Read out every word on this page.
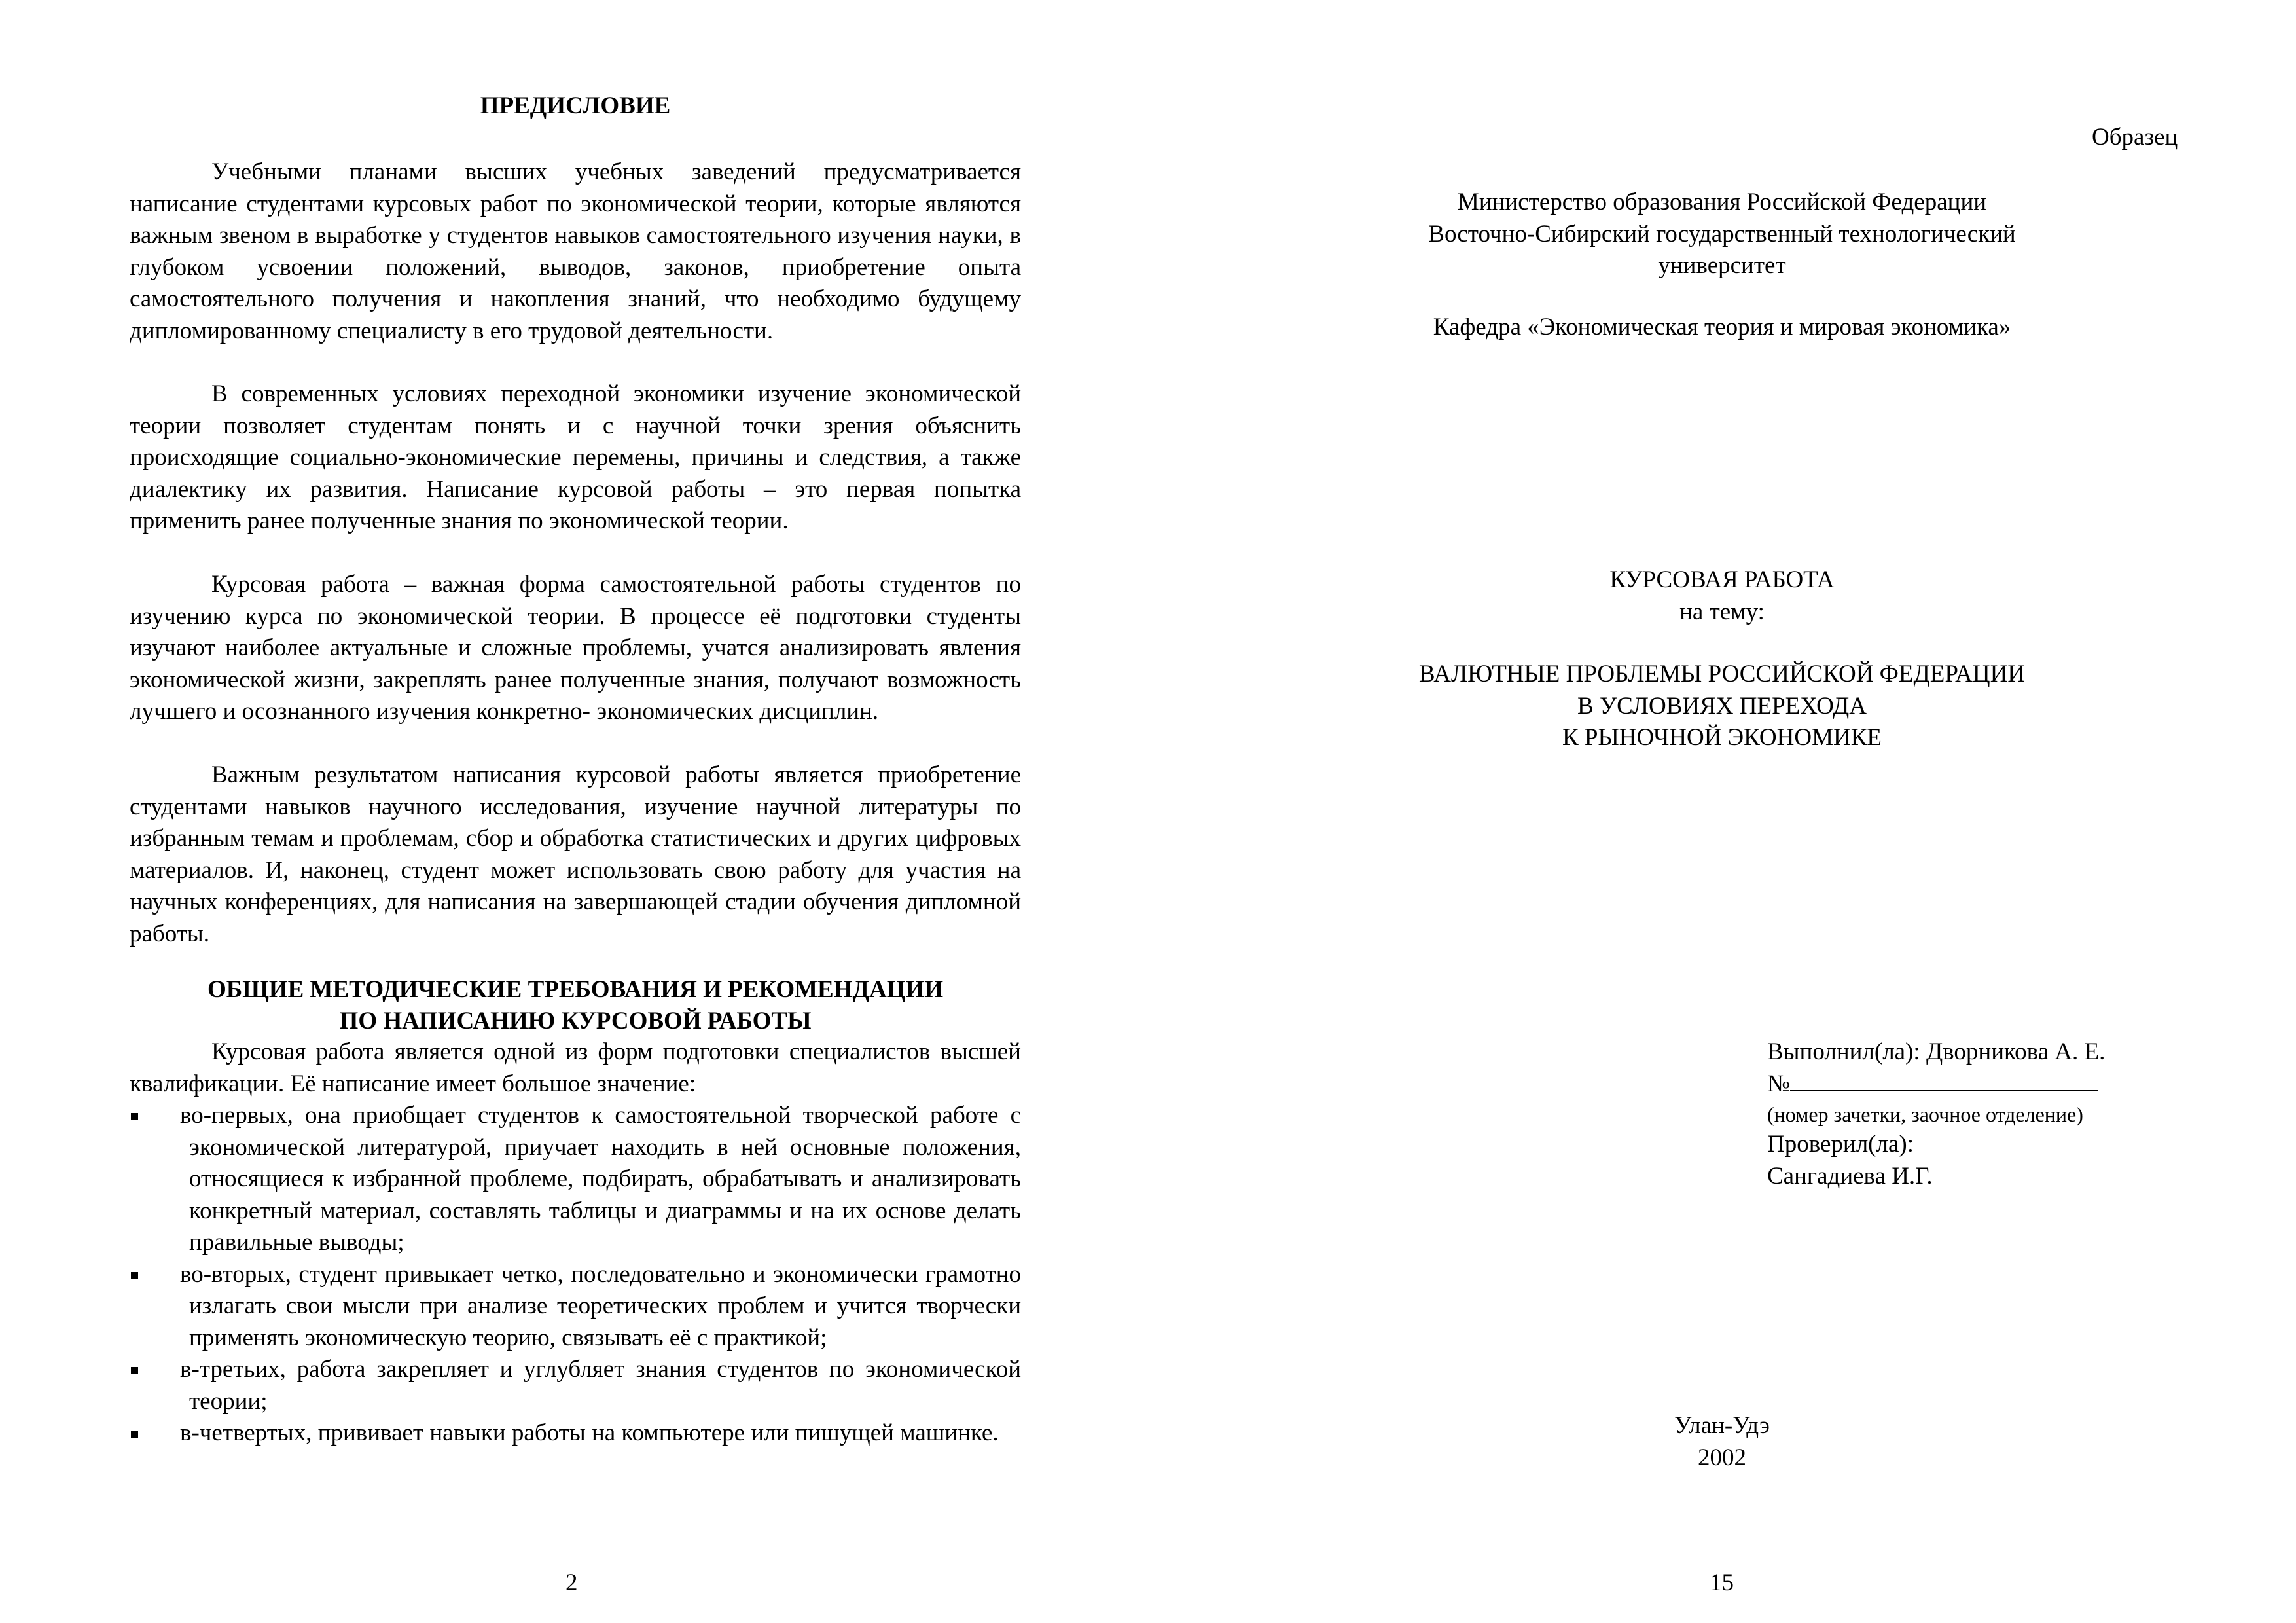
ПРЕДИСЛОВИЕ

Учебными планами высших учебных заведений предусматривается написание студентами курсовых работ по экономической теории, которые являются важным звеном в выработке у студентов навыков самостоятельного изучения науки, в глубоком усвоении положений, выводов, законов, приобретение опыта самостоятельного получения и накопления знаний, что необходимо будущему дипломированному специалисту в его трудовой деятельности.

В современных условиях переходной экономики изучение экономической теории позволяет студентам понять и с научной точки зрения объяснить происходящие социально-экономические перемены, причины и следствия, а также диалектику их развития. Написание курсовой работы – это первая попытка применить ранее полученные знания по экономической теории.

Курсовая работа – важная форма самостоятельной работы студентов по изучению курса по экономической теории. В процессе её подготовки студенты изучают наиболее актуальные и сложные проблемы, учатся анализировать явления экономической жизни, закреплять ранее полученные знания, получают возможность лучшего и осознанного изучения конкретно- экономических дисциплин.

Важным результатом написания курсовой работы является приобретение студентами навыков научного исследования, изучение научной литературы по избранным темам и проблемам, сбор и обработка статистических и других цифровых материалов. И, наконец, студент может использовать свою работу для участия на научных конференциях, для написания на завершающей стадии обучения дипломной работы.

ОБЩИЕ МЕТОДИЧЕСКИЕ ТРЕБОВАНИЯ И РЕКОМЕНДАЦИИ
ПО НАПИСАНИЮ КУРСОВОЙ РАБОТЫ

Курсовая работа является одной из форм подготовки специалистов высшей квалификации. Её написание имеет большое значение:

во-первых, она приобщает студентов к самостоятельной творческой работе с экономической литературой, приучает находить в ней основные положения, относящиеся к избранной проблеме, подбирать, обрабатывать и анализировать конкретный материал, составлять таблицы и диаграммы и на их основе делать правильные выводы;
во-вторых, студент привыкает четко, последовательно и экономически грамотно излагать свои мысли при анализе теоретических проблем и учится творчески применять экономическую теорию, связывать её с практикой;
в-третьих, работа закрепляет и углубляет знания студентов по экономической теории;
в-четвертых, прививает навыки работы на компьютере или пишущей машинке.
2
Образец
Министерство образования Российской Федерации
Восточно-Сибирский государственный технологический
университет
Кафедра «Экономическая теория и мировая экономика»
КУРСОВАЯ РАБОТА
на тему:
ВАЛЮТНЫЕ ПРОБЛЕМЫ РОССИЙСКОЙ ФЕДЕРАЦИИ
В УСЛОВИЯХ ПЕРЕХОДА
К РЫНОЧНОЙ ЭКОНОМИКЕ
Выполнил(ла): Дворникова А. Е.
№
(номер зачетки, заочное отделение)
Проверил(ла):
Сангадиева И.Г.
Улан-Удэ
2002
15
